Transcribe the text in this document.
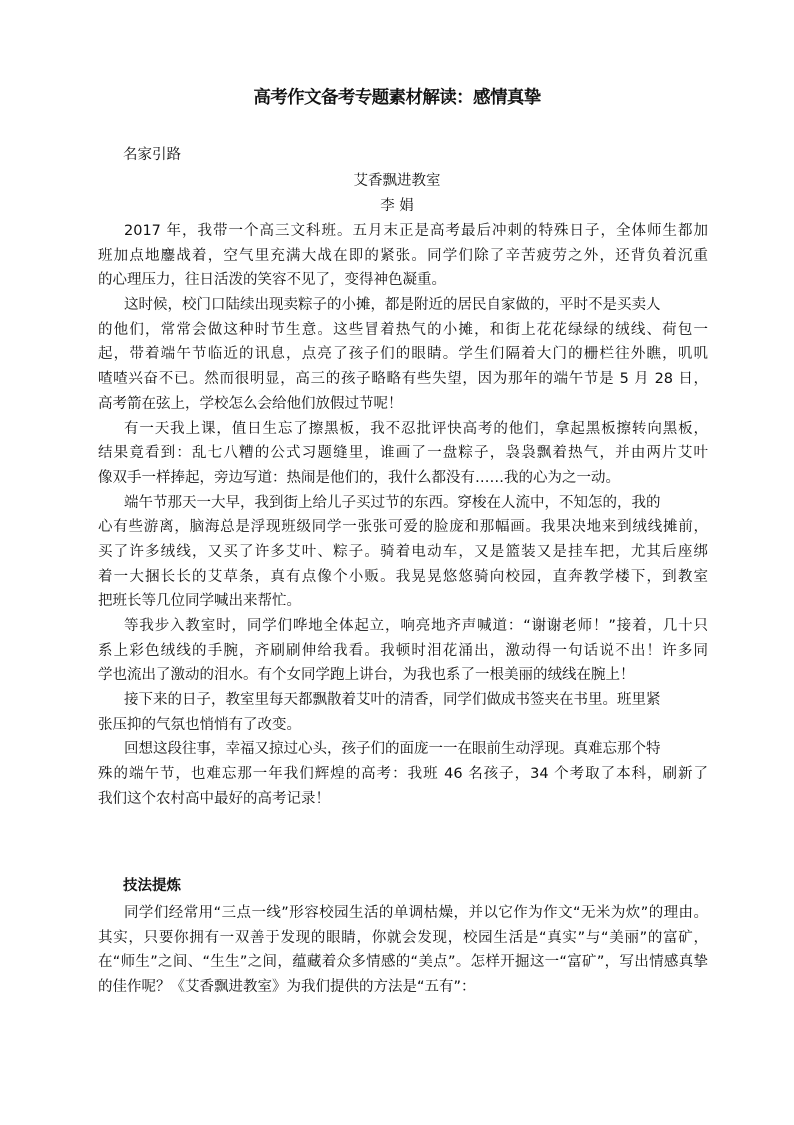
高考作文备考专题素材解读：感情真挚
名家引路
艾香飘进教室
李 娟
2017 年，我带一个高三文科班。五月末正是高考最后冲刺的特殊日子，全体师生都加
班加点地鏖战着，空气里充满大战在即的紧张。同学们除了辛苦疲劳之外，还背负着沉重
的心理压力，往日活泼的笑容不见了，变得神色凝重。
这时候，校门口陆续出现卖粽子的小摊，都是附近的居民自家做的，平时不是买卖人
的他们，常常会做这种时节生意。这些冒着热气的小摊，和街上花花绿绿的绒线、荷包一
起，带着端午节临近的讯息，点亮了孩子们的眼睛。学生们隔着大门的栅栏往外瞧，叽叽
喳喳兴奋不已。然而很明显，高三的孩子略略有些失望，因为那年的端午节是 5 月 28 日，
高考箭在弦上，学校怎么会给他们放假过节呢！
有一天我上课，值日生忘了擦黑板，我不忍批评快高考的他们，拿起黑板擦转向黑板，
结果竟看到：乱七八糟的公式习题缝里，谁画了一盘粽子，袅袅飘着热气，并由两片艾叶
像双手一样捧起，旁边写道：热闹是他们的，我什么都没有……我的心为之一动。
端午节那天一大早，我到街上给儿子买过节的东西。穿梭在人流中，不知怎的，我的
心有些游离，脑海总是浮现班级同学一张张可爱的脸庞和那幅画。我果决地来到绒线摊前，
买了许多绒线，又买了许多艾叶、粽子。骑着电动车，又是篮装又是挂车把，尤其后座绑
着一大捆长长的艾草条，真有点像个小贩。我晃晃悠悠骑向校园，直奔教学楼下，到教室
把班长等几位同学喊出来帮忙。
等我步入教室时，同学们哗地全体起立，响亮地齐声喊道：“谢谢老师！”接着，几十只
系上彩色绒线的手腕，齐刷刷伸给我看。我顿时泪花涌出，激动得一句话说不出！许多同
学也流出了激动的泪水。有个女同学跑上讲台，为我也系了一根美丽的绒线在腕上！
接下来的日子，教室里每天都飘散着艾叶的清香，同学们做成书签夹在书里。班里紧
张压抑的气氛也悄悄有了改变。
回想这段往事，幸福又掠过心头，孩子们的面庞一一在眼前生动浮现。真难忘那个特
殊的端午节，也难忘那一年我们辉煌的高考：我班 46 名孩子，34 个考取了本科，刷新了
我们这个农村高中最好的高考记录！
技法提炼
同学们经常用“三点一线”形容校园生活的单调枯燥，并以它作为作文“无米为炊”的理由。
其实，只要你拥有一双善于发现的眼睛，你就会发现，校园生活是“真实”与“美丽”的富矿，
在“师生”之间、“生生”之间，蕴藏着众多情感的“美点”。怎样开掘这一“富矿”，写出情感真挚
的佳作呢？《艾香飘进教室》为我们提供的方法是“五有”：
